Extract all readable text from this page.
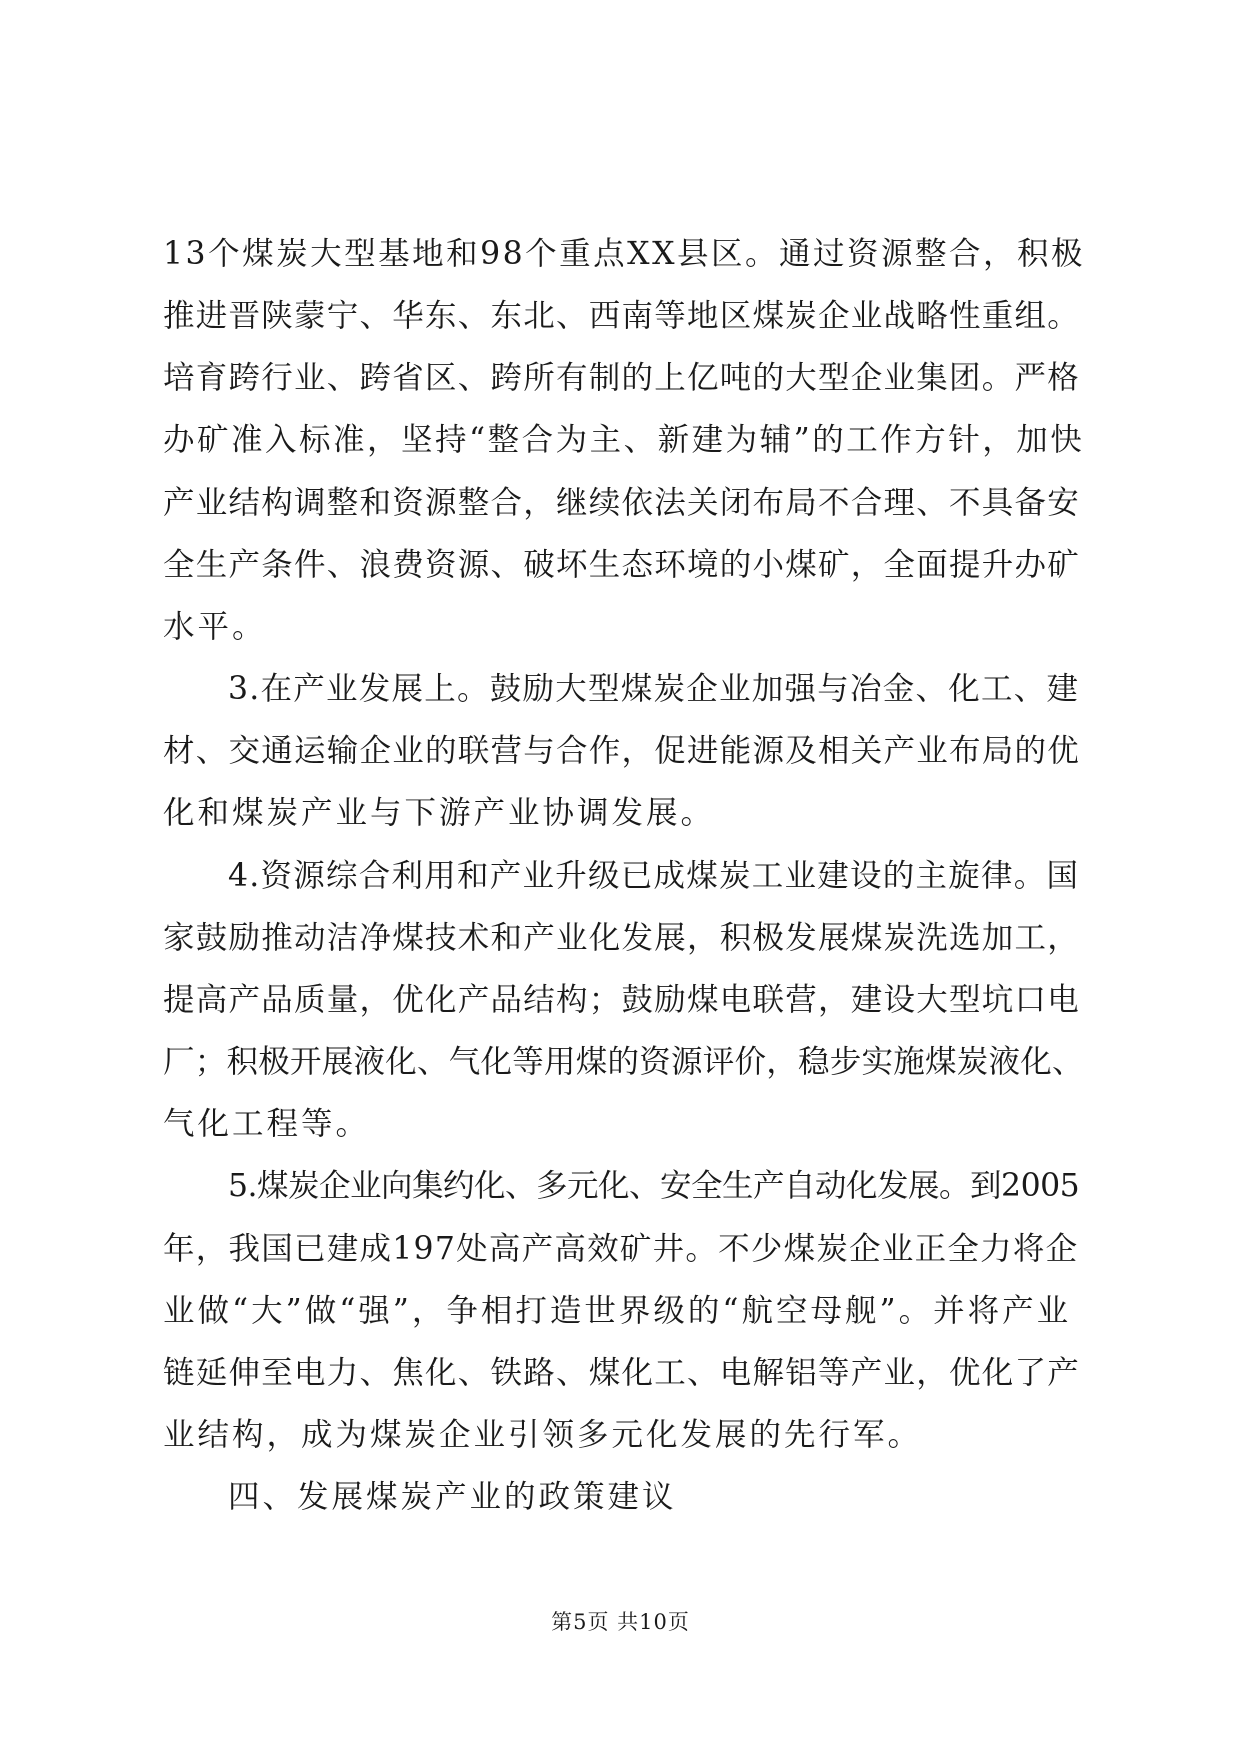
13个煤炭大型基地和98个重点XX县区。通过资源整合，积极
推进晋陕蒙宁、华东、东北、西南等地区煤炭企业战略性重组。
培育跨行业、跨省区、跨所有制的上亿吨的大型企业集团。严格
办矿准入标准，坚持“整合为主、新建为辅”的工作方针，加快
产业结构调整和资源整合，继续依法关闭布局不合理、不具备安
全生产条件、浪费资源、破坏生态环境的小煤矿，全面提升办矿
水平。
3.在产业发展上。鼓励大型煤炭企业加强与冶金、化工、建
材、交通运输企业的联营与合作，促进能源及相关产业布局的优
化和煤炭产业与下游产业协调发展。
4.资源综合利用和产业升级已成煤炭工业建设的主旋律。国
家鼓励推动洁净煤技术和产业化发展，积极发展煤炭洗选加工，
提高产品质量，优化产品结构；鼓励煤电联营，建设大型坑口电
厂；积极开展液化、气化等用煤的资源评价，稳步实施煤炭液化、
气化工程等。
5.煤炭企业向集约化、多元化、安全生产自动化发展。到2005
年，我国已建成197处高产高效矿井。不少煤炭企业正全力将企
业做“大”做“强”，争相打造世界级的“航空母舰”。并将产业
链延伸至电力、焦化、铁路、煤化工、电解铝等产业，优化了产
业结构，成为煤炭企业引领多元化发展的先行军。
四、发展煤炭产业的政策建议
第5页 共10页
